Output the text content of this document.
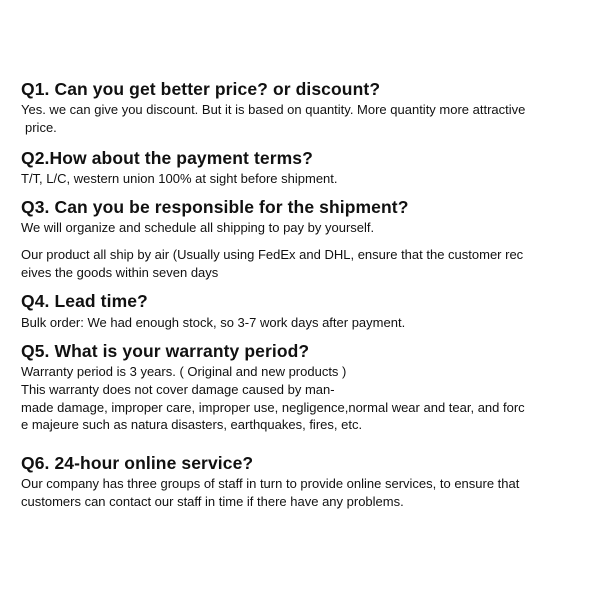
Q1. Can you get better price? or discount?
Yes. we can give you discount. But it is based on quantity. More quantity more attractive
price.
Q2.How about the payment terms?
T/T, L/C, western union 100% at sight before shipment.
Q3. Can you be responsible for the shipment?
We will organize and schedule all shipping to pay by yourself.
Our product all ship by air (Usually using FedEx and DHL, ensure that the customer rec
eives the goods within seven days
Q4. Lead time?
Bulk order: We had enough stock, so 3-7 work days after payment.
Q5. What is your warranty period?
Warranty period is 3 years. ( Original and new products )
This warranty does not cover damage caused by man-
made damage, improper care, improper use, negligence,normal wear and tear, and forc
e majeure such as natura disasters, earthquakes, fires, etc.
Q6. 24-hour online service?
Our company has three groups of staff in turn to provide online services, to ensure that
customers can contact our staff in time if there have any problems.
